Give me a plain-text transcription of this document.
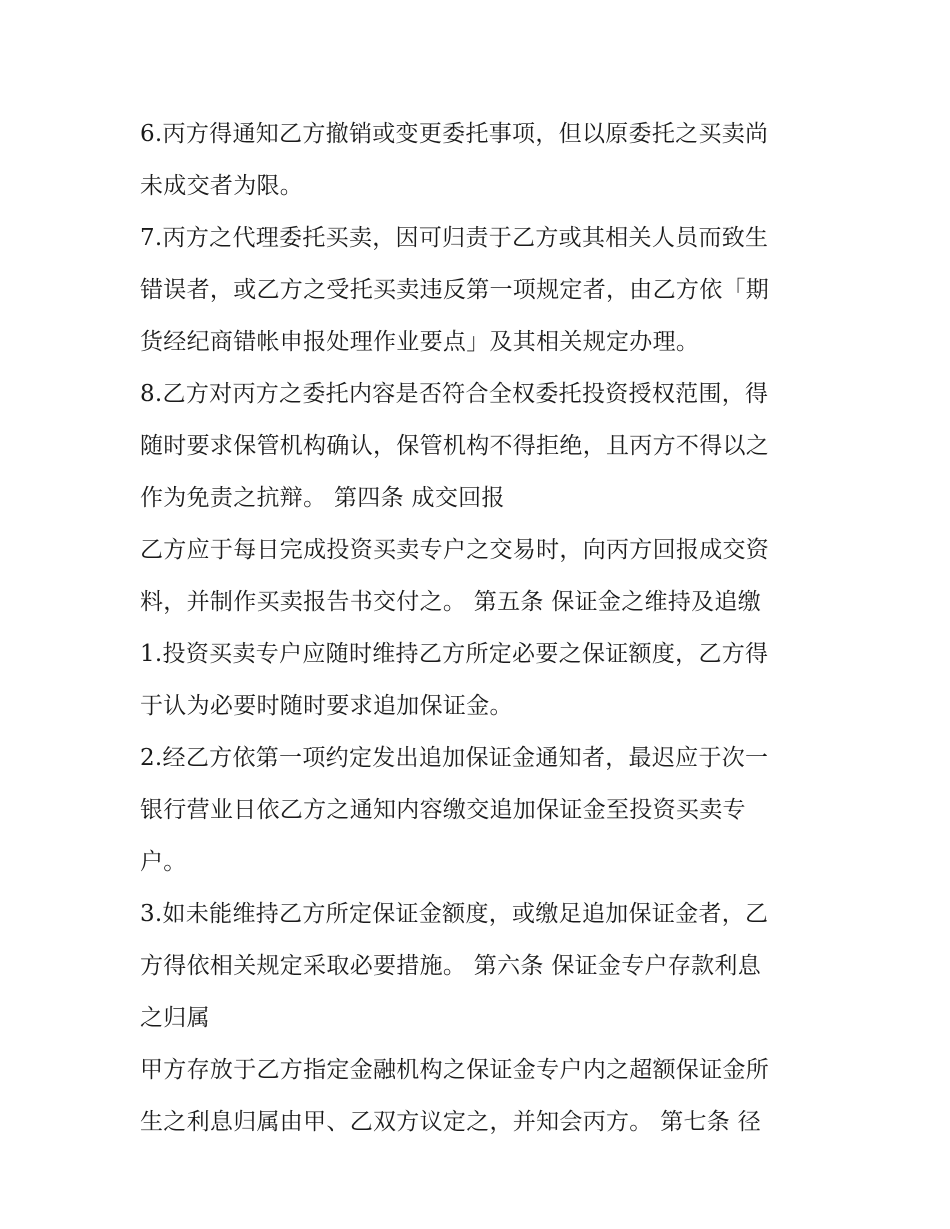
6.丙方得通知乙方撤销或变更委托事项，但以原委托之买卖尚
未成交者为限。
7.丙方之代理委托买卖，因可归责于乙方或其相关人员而致生
错误者，或乙方之受托买卖违反第一项规定者，由乙方依「期
货经纪商错帐申报处理作业要点」及其相关规定办理。
8.乙方对丙方之委托内容是否符合全权委托投资授权范围，得
随时要求保管机构确认，保管机构不得拒绝，且丙方不得以之
作为免责之抗辩。 第四条 成交回报
乙方应于每日完成投资买卖专户之交易时，向丙方回报成交资
料，并制作买卖报告书交付之。 第五条 保证金之维持及追缴
1.投资买卖专户应随时维持乙方所定必要之保证额度，乙方得
于认为必要时随时要求追加保证金。
2.经乙方依第一项约定发出追加保证金通知者，最迟应于次一
银行营业日依乙方之通知内容缴交追加保证金至投资买卖专
户。
3.如未能维持乙方所定保证金额度，或缴足追加保证金者，乙
方得依相关规定采取必要措施。 第六条 保证金专户存款利息
之归属
甲方存放于乙方指定金融机构之保证金专户内之超额保证金所
生之利息归属由甲、乙双方议定之，并知会丙方。 第七条 径
